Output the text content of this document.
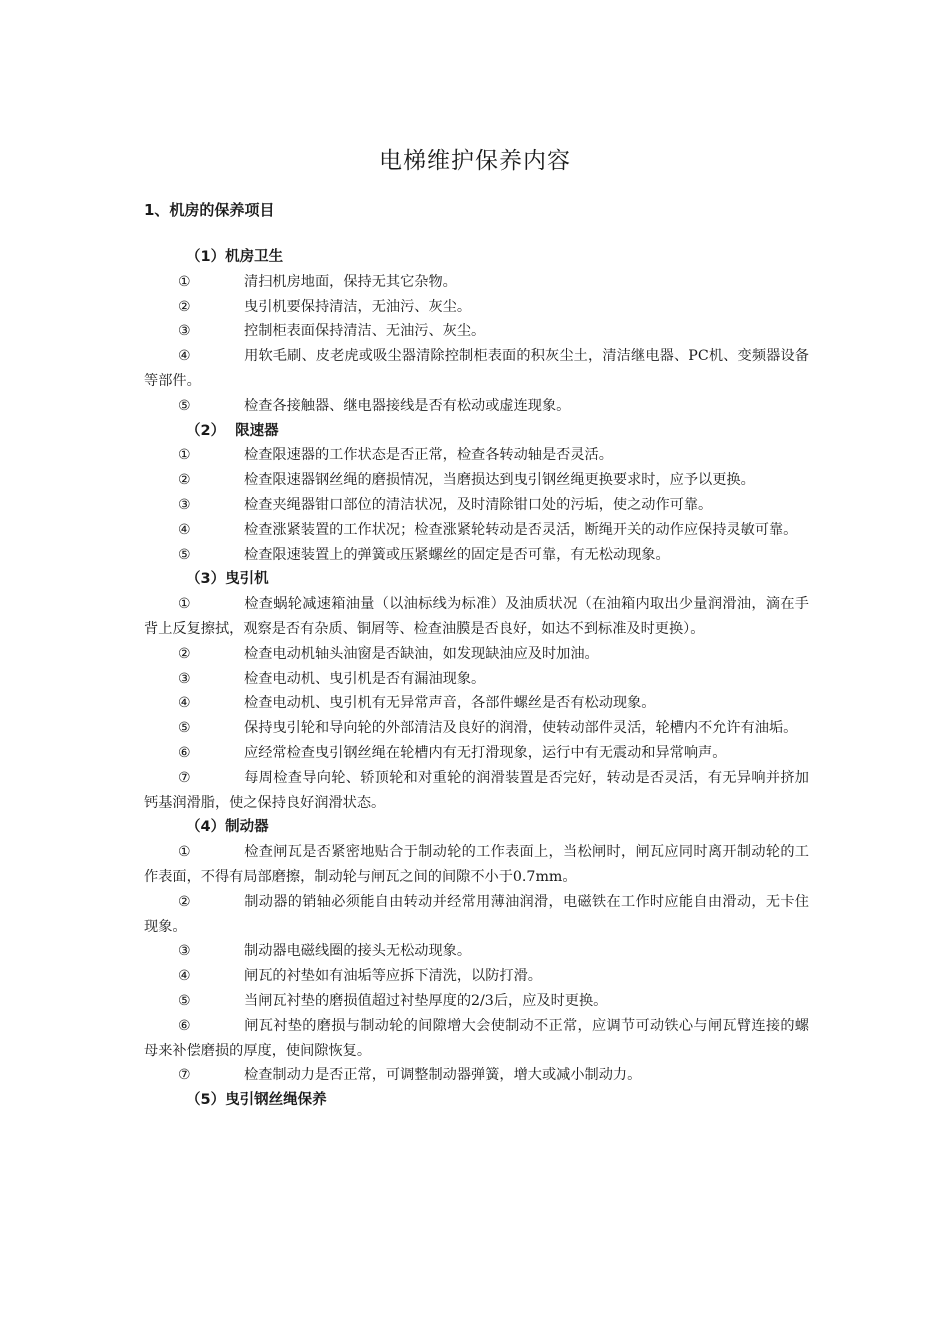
电梯维护保养内容
1、机房的保养项目
（1）机房卫生
①	清扫机房地面，保持无其它杂物。
②	曳引机要保持清洁，无油污、灰尘。
③	控制柜表面保持清洁、无油污、灰尘。
④	用软毛刷、皮老虎或吸尘器清除控制柜表面的积灰尘土，清洁继电器、PC机、变频器设备等部件。
⑤	检查各接触器、继电器接线是否有松动或虚连现象。
（2）  限速器
①	检查限速器的工作状态是否正常，检查各转动轴是否灵活。
②	检查限速器钢丝绳的磨损情况，当磨损达到曳引钢丝绳更换要求时，应予以更换。
③	检查夹绳器钳口部位的清洁状况，及时清除钳口处的污垢，使之动作可靠。
④	检查涨紧装置的工作状况；检查涨紧轮转动是否灵活，断绳开关的动作应保持灵敏可靠。
⑤	检查限速装置上的弹簧或压紧螺丝的固定是否可靠，有无松动现象。
（3）曳引机
①	检查蜗轮减速箱油量（以油标线为标准）及油质状况（在油箱内取出少量润滑油，滴在手背上反复擦拭，观察是否有杂质、铜屑等、检查油膜是否良好，如达不到标准及时更换）。
②	检查电动机轴头油窗是否缺油，如发现缺油应及时加油。
③	检查电动机、曳引机是否有漏油现象。
④	检查电动机、曳引机有无异常声音，各部件螺丝是否有松动现象。
⑤	保持曳引轮和导向轮的外部清洁及良好的润滑，使转动部件灵活，轮槽内不允许有油垢。
⑥	应经常检查曳引钢丝绳在轮槽内有无打滑现象，运行中有无震动和异常响声。
⑦	每周检查导向轮、轿顶轮和对重轮的润滑装置是否完好，转动是否灵活，有无异响并挤加钙基润滑脂，使之保持良好润滑状态。
（4）制动器
①	检查闸瓦是否紧密地贴合于制动轮的工作表面上，当松闸时，闸瓦应同时离开制动轮的工作表面，不得有局部磨擦，制动轮与闸瓦之间的间隙不小于0.7mm。
②	制动器的销轴必须能自由转动并经常用薄油润滑，电磁铁在工作时应能自由滑动，无卡住现象。
③	制动器电磁线圈的接头无松动现象。
④	闸瓦的衬垫如有油垢等应拆下清洗，以防打滑。
⑤	当闸瓦衬垫的磨损值超过衬垫厚度的2/3后，应及时更换。
⑥	闸瓦衬垫的磨损与制动轮的间隙增大会使制动不正常，应调节可动铁心与闸瓦臂连接的螺母来补偿磨损的厚度，使间隙恢复。
⑦	检查制动力是否正常，可调整制动器弹簧，增大或减小制动力。
（5）曳引钢丝绳保养
